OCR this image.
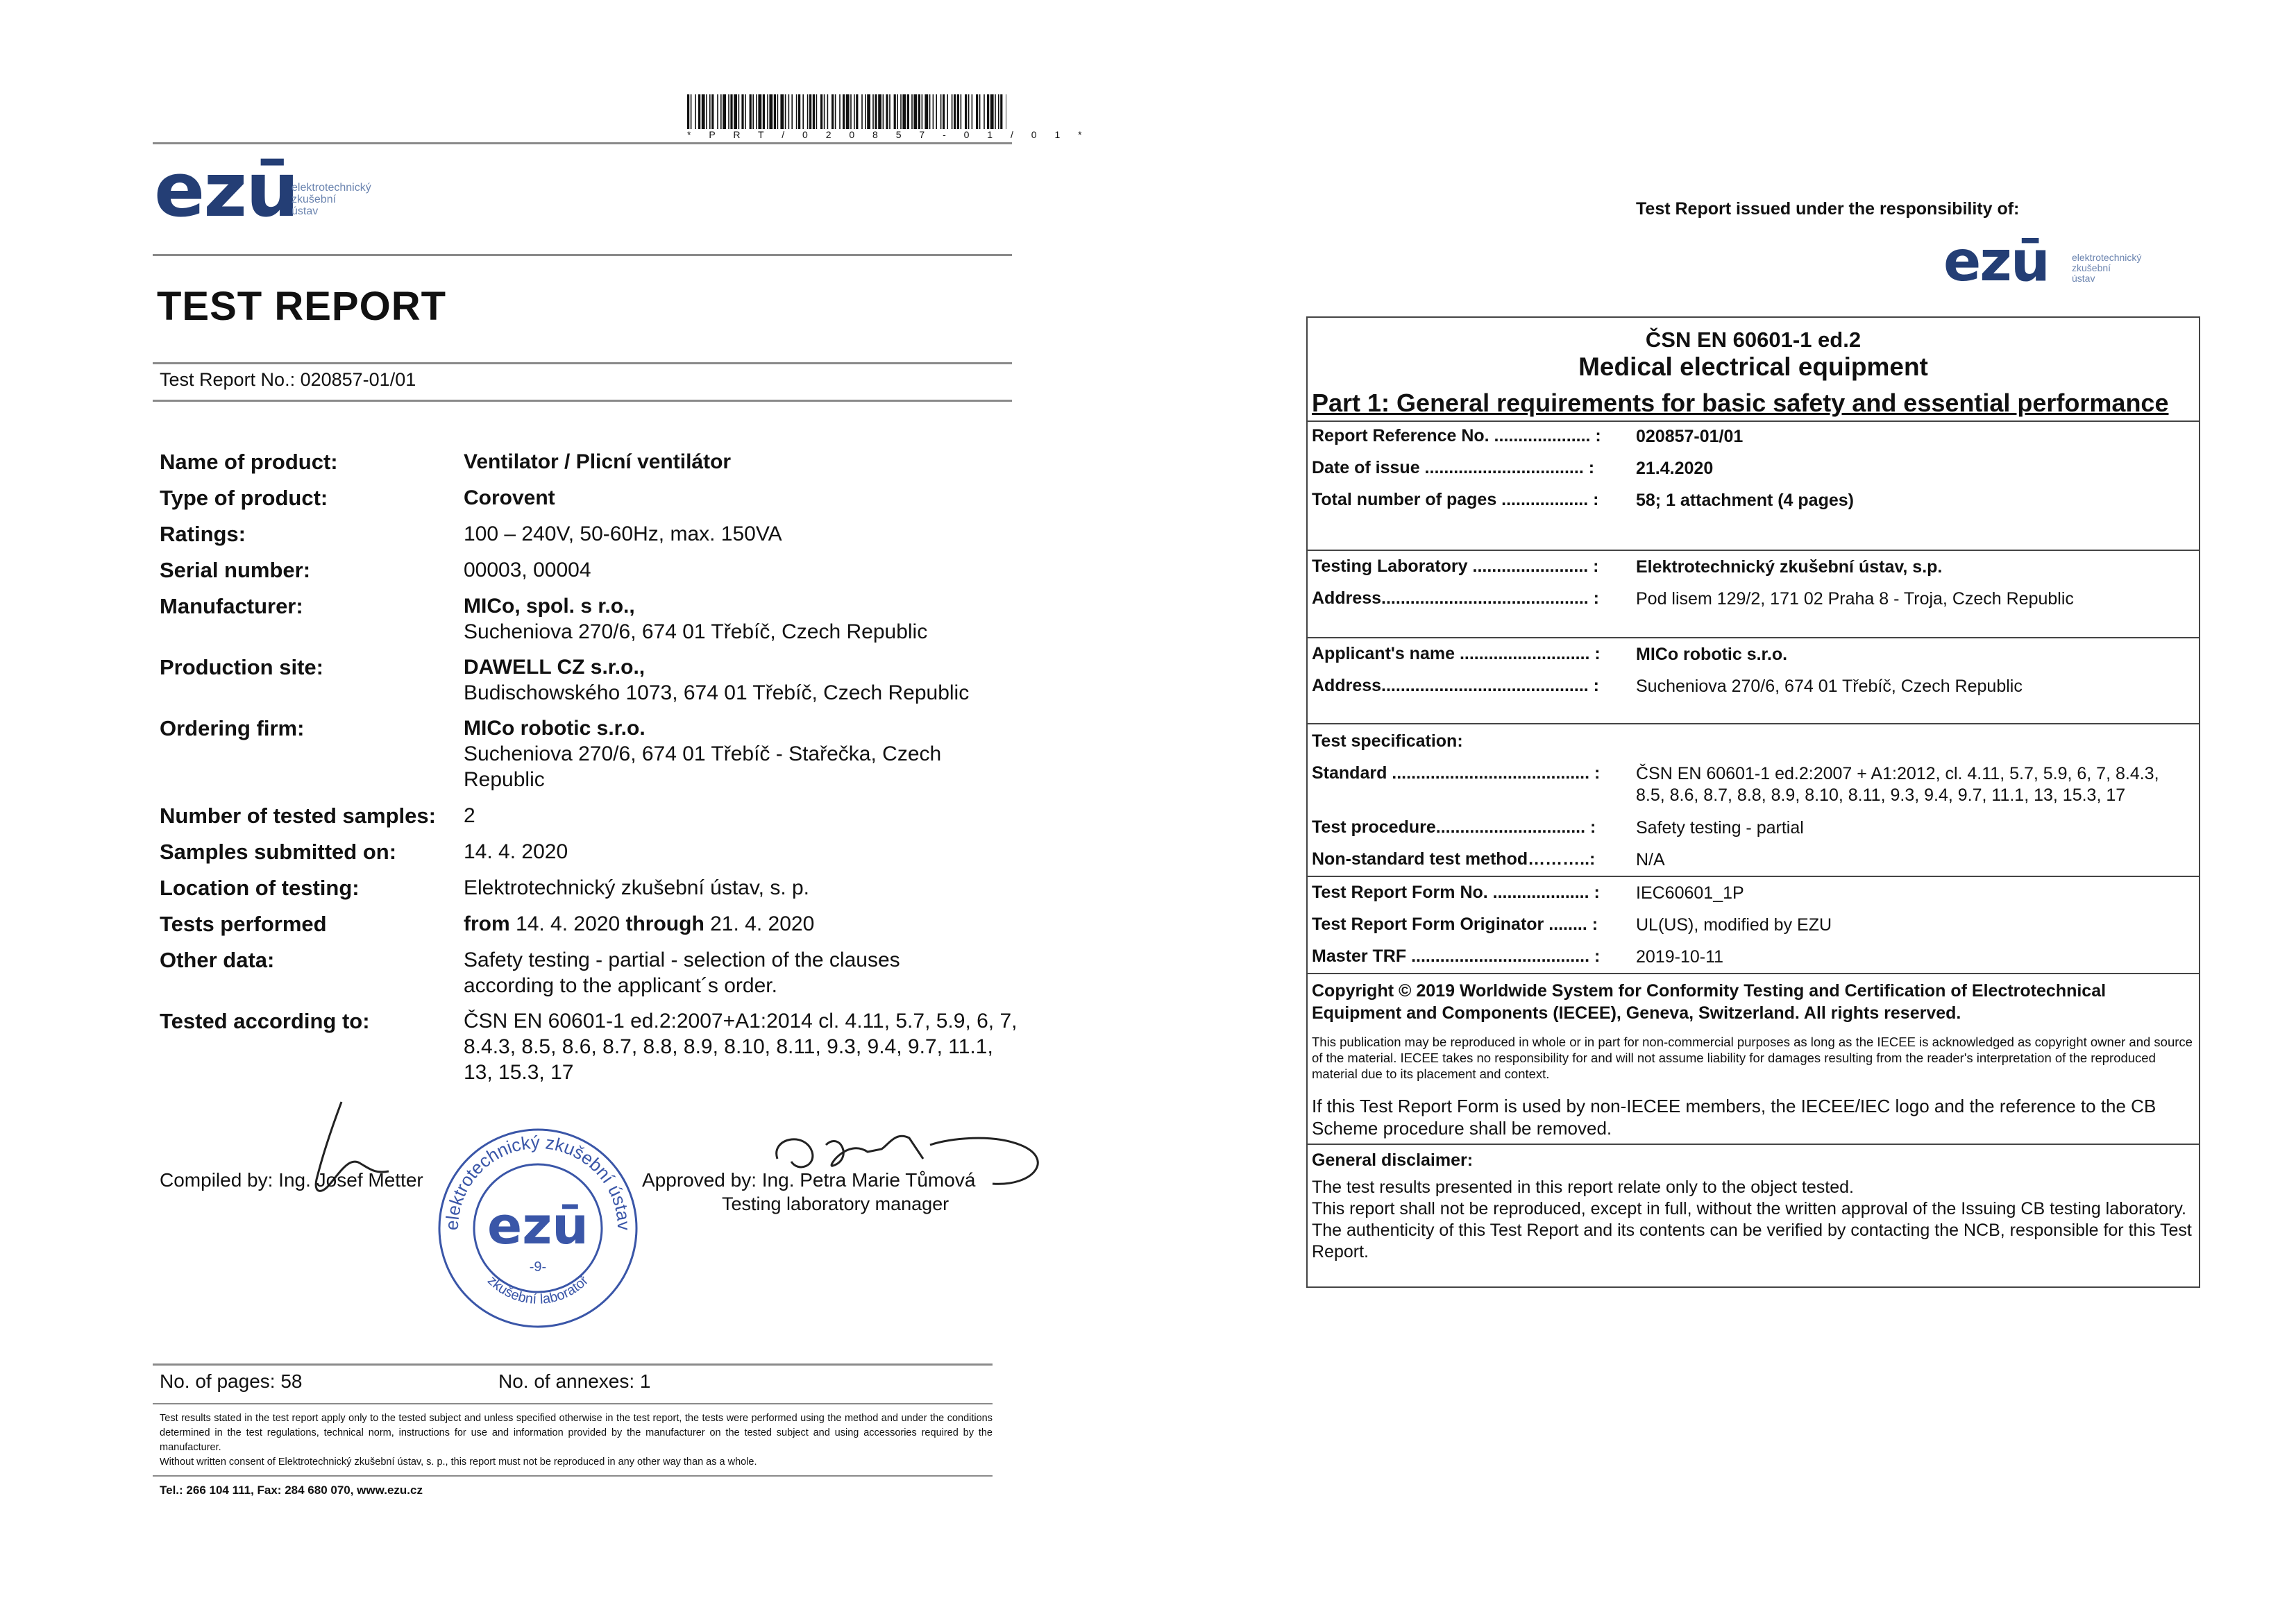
* P R T / 0 2 0 8 5 7 - 0 1 / 0 1 *
ezū
elektrotechnický
zkušební
ústav
TEST REPORT
Test Report No.: 020857-01/01
Name of product:	Ventilator / Plicní ventilátor
Type of product:	Corovent
Ratings:	100 – 240V, 50-60Hz, max. 150VA
Serial number:	00003, 00004
Manufacturer:	MICo, spol. s r.o.,
Sucheniova 270/6, 674 01 Třebíč, Czech Republic
Production site:	DAWELL CZ s.r.o.,
Budischowského 1073, 674 01 Třebíč, Czech Republic
Ordering firm:	MICo robotic s.r.o.
Sucheniova 270/6, 674 01 Třebíč - Stařečka, Czech Republic
Number of tested samples: 2
Samples submitted on:	14. 4. 2020
Location of testing:	Elektrotechnický zkušební ústav, s. p.
Tests performed	from 14. 4. 2020 through 21. 4. 2020
Other data:	Safety testing - partial - selection of the clauses according to the applicant´s order.
Tested according to:	ČSN EN 60601-1 ed.2:2007+A1:2014 cl. 4.11, 5.7, 5.9, 6, 7, 8.4.3, 8.5, 8.6, 8.7, 8.8, 8.9, 8.10, 8.11, 9.3, 9.4, 9.7, 11.1, 13, 15.3, 17
elektrotechnický zkušební ústav
zkušební laboratoř
ezū
-9-
Compiled by: Ing. Josef Metter	Approved by: Ing. Petra Marie Tůmová
Testing laboratory manager
No. of pages: 58	No. of annexes: 1
Test results stated in the test report apply only to the tested subject and unless specified otherwise in the test report, the tests were performed using the method and under the conditions determined in the test regulations, technical norm, instructions for use and information provided by the manufacturer on the tested subject and using accessories required by the manufacturer.
Without written consent of Elektrotechnický zkušební ústav, s. p., this report must not be reproduced in any other way than as a whole.
Tel.: 266 104 111, Fax: 284 680 070, www.ezu.cz
Test Report issued under the responsibility of:
ezū elektrotechnický
zkušební
ústav
ČSN EN 60601-1 ed.2
Medical electrical equipment
Part 1: General requirements for basic safety and essential performance
Report Reference No. .................... : 020857-01/01
Date of issue ................................. : 21.4.2020
Total number of pages .................. : 58; 1 attachment (4 pages)
Testing Laboratory ........................ : Elektrotechnický zkušební ústav, s.p.
Address........................................... : Pod lisem 129/2, 171 02 Praha 8 - Troja, Czech Republic
Applicant's name ........................... : MICo robotic s.r.o.
Address........................................... : Sucheniova 270/6, 674 01 Třebíč, Czech Republic
Test specification:
Standard ......................................... : ČSN EN 60601-1 ed.2:2007 + A1:2012, cl. 4.11, 5.7, 5.9, 6, 7, 8.4.3, 8.5, 8.6, 8.7, 8.8, 8.9, 8.10, 8.11, 9.3, 9.4, 9.7, 11.1, 13, 15.3, 17
Test procedure............................... : Safety testing - partial
Non-standard test method………..: N/A
Test Report Form No. .................... : IEC60601_1P
Test Report Form Originator ........ : UL(US), modified by EZU
Master TRF ..................................... : 2019-10-11
Copyright © 2019 Worldwide System for Conformity Testing and Certification of Electrotechnical Equipment and Components (IECEE), Geneva, Switzerland. All rights reserved.
This publication may be reproduced in whole or in part for non-commercial purposes as long as the IECEE is acknowledged as copyright owner and source of the material. IECEE takes no responsibility for and will not assume liability for damages resulting from the reader's interpretation of the reproduced material due to its placement and context.
If this Test Report Form is used by non-IECEE members, the IECEE/IEC logo and the reference to the CB Scheme procedure shall be removed.
General disclaimer:
The test results presented in this report relate only to the object tested.
This report shall not be reproduced, except in full, without the written approval of the Issuing CB testing laboratory. The authenticity of this Test Report and its contents can be verified by contacting the NCB, responsible for this Test Report.
